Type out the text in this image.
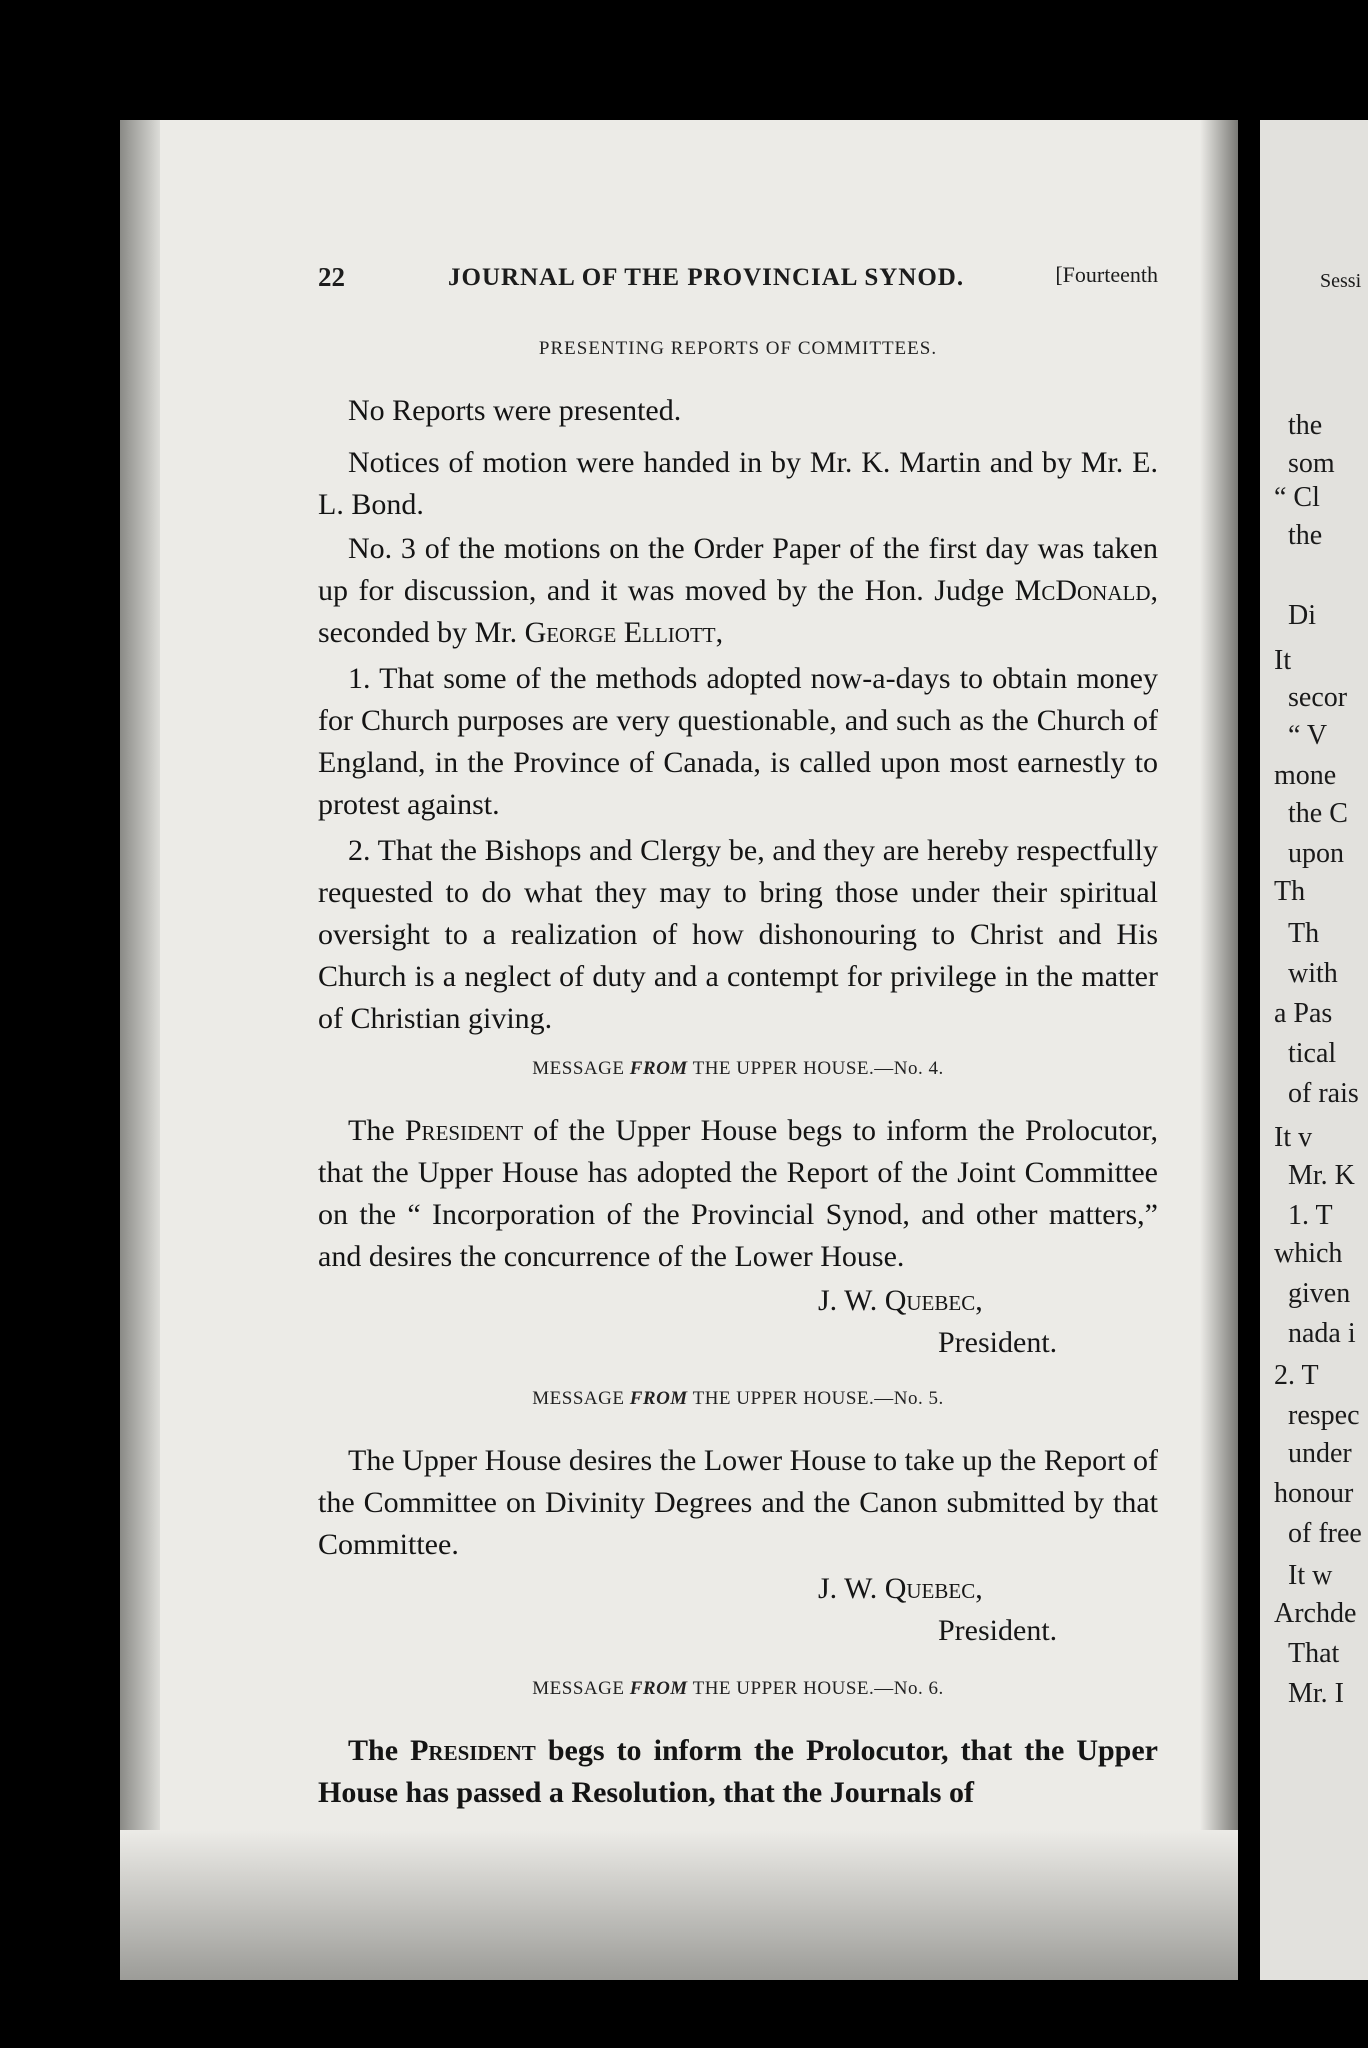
22	JOURNAL OF THE PROVINCIAL SYNOD.	[Fourteenth
PRESENTING REPORTS OF COMMITTEES.
No Reports were presented.
Notices of motion were handed in by Mr. K. Martin and by Mr. E. L. Bond.
No. 3 of the motions on the Order Paper of the first day was taken up for discussion, and it was moved by the Hon. Judge McDonald, seconded by Mr. George Elliott,
1. That some of the methods adopted now-a-days to obtain money for Church purposes are very questionable, and such as the Church of England, in the Province of Canada, is called upon most earnestly to protest against.
2. That the Bishops and Clergy be, and they are hereby respectfully requested to do what they may to bring those under their spiritual oversight to a realization of how dishonouring to Christ and His Church is a neglect of duty and a contempt for privilege in the matter of Christian giving.
MESSAGE FROM THE UPPER HOUSE.—No. 4.
The President of the Upper House begs to inform the Prolocutor, that the Upper House has adopted the Report of the Joint Committee on the “ Incorporation of the Provincial Synod, and other matters,” and desires the concurrence of the Lower House.
J. W. Quebec,
President.
MESSAGE FROM THE UPPER HOUSE.—No. 5.
The Upper House desires the Lower House to take up the Report of the Committee on Divinity Degrees and the Canon submitted by that Committee.
J. W. Quebec,
President.
MESSAGE FROM THE UPPER HOUSE.—No. 6.
The President begs to inform the Prolocutor, that the Upper House has passed a Resolution, that the Journals of
Sessi
the
som
“ Cl
the
Di
It
secor
“ V
mone
the C
upon
Th
Th
with
a Pas
tical
of rais
It v
Mr. K
1. T
which
given
nada i
2. T
respec
under
honour
of free
It w
Archde
That
Mr. I
